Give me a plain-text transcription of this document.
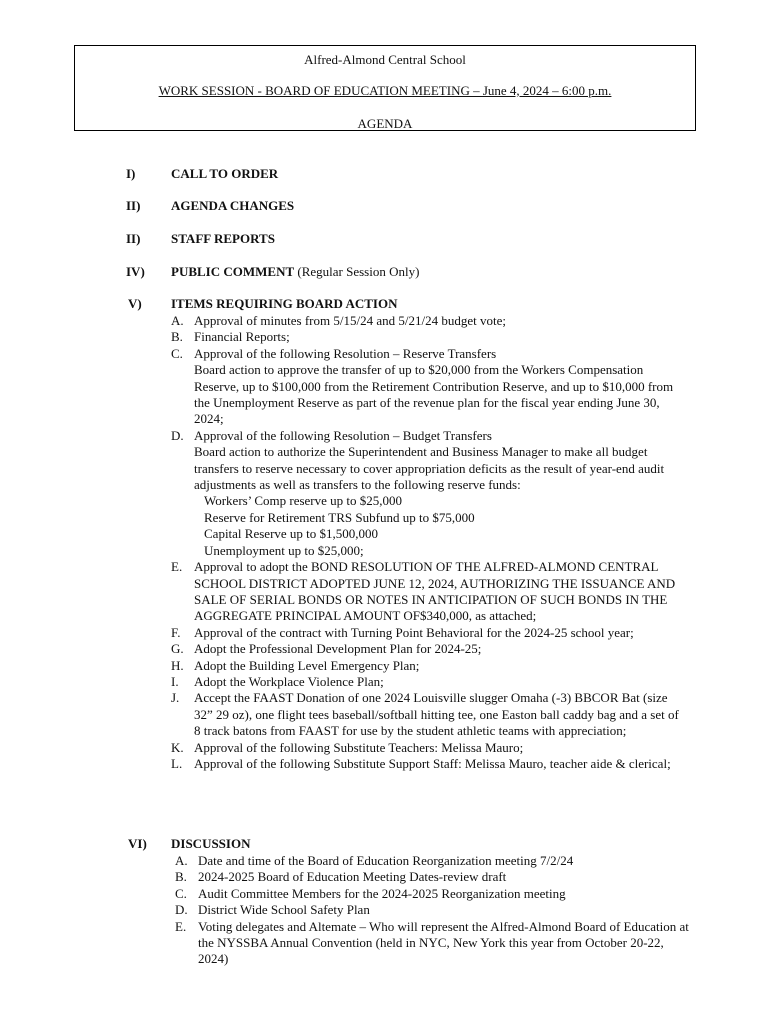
Alfred-Almond Central School
WORK SESSION - BOARD OF EDUCATION MEETING – June 4, 2024 – 6:00 p.m.
AGENDA
I)	CALL TO ORDER
II)	AGENDA CHANGES
II)	STAFF REPORTS
IV)	PUBLIC COMMENT (Regular Session Only)
V)	ITEMS REQUIRING BOARD ACTION
A. Approval of minutes from 5/15/24 and 5/21/24 budget vote;
B. Financial Reports;
C. Approval of the following Resolution – Reserve Transfers
Board action to approve the transfer of up to $20,000 from the Workers Compensation Reserve, up to $100,000 from the Retirement Contribution Reserve, and up to $10,000 from the Unemployment Reserve as part of the revenue plan for the fiscal year ending June 30, 2024;
D. Approval of the following Resolution – Budget Transfers
Board action to authorize the Superintendent and Business Manager to make all budget transfers to reserve necessary to cover appropriation deficits as the result of year-end audit adjustments as well as transfers to the following reserve funds:
Workers’ Comp reserve up to $25,000
Reserve for Retirement TRS Subfund up to $75,000
Capital Reserve up to $1,500,000
Unemployment up to $25,000;
E. Approval to adopt the BOND RESOLUTION OF THE ALFRED-ALMOND CENTRAL SCHOOL DISTRICT ADOPTED JUNE 12, 2024, AUTHORIZING THE ISSUANCE AND SALE OF SERIAL BONDS OR NOTES IN ANTICIPATION OF SUCH BONDS IN THE AGGREGATE PRINCIPAL AMOUNT OF$340,000, as attached;
F. Approval of the contract with Turning Point Behavioral for the 2024-25 school year;
G. Adopt the Professional Development Plan for 2024-25;
H. Adopt the Building Level Emergency Plan;
I. Adopt the Workplace Violence Plan;
J. Accept the FAAST Donation of one 2024 Louisville slugger Omaha (-3) BBCOR Bat (size 32” 29 oz), one flight tees baseball/softball hitting tee, one Easton ball caddy bag and a set of 8 track batons from FAAST for use by the student athletic teams with appreciation;
K. Approval of the following Substitute Teachers: Melissa Mauro;
L. Approval of the following Substitute Support Staff: Melissa Mauro, teacher aide & clerical;
VI)	DISCUSSION
A. Date and time of the Board of Education Reorganization meeting 7/2/24
B. 2024-2025 Board of Education Meeting Dates-review draft
C. Audit Committee Members for the 2024-2025 Reorganization meeting
D. District Wide School Safety Plan
E. Voting delegates and Altemate – Who will represent the Alfred-Almond Board of Education at the NYSSBA Annual Convention (held in NYC, New York this year from October 20-22, 2024)
